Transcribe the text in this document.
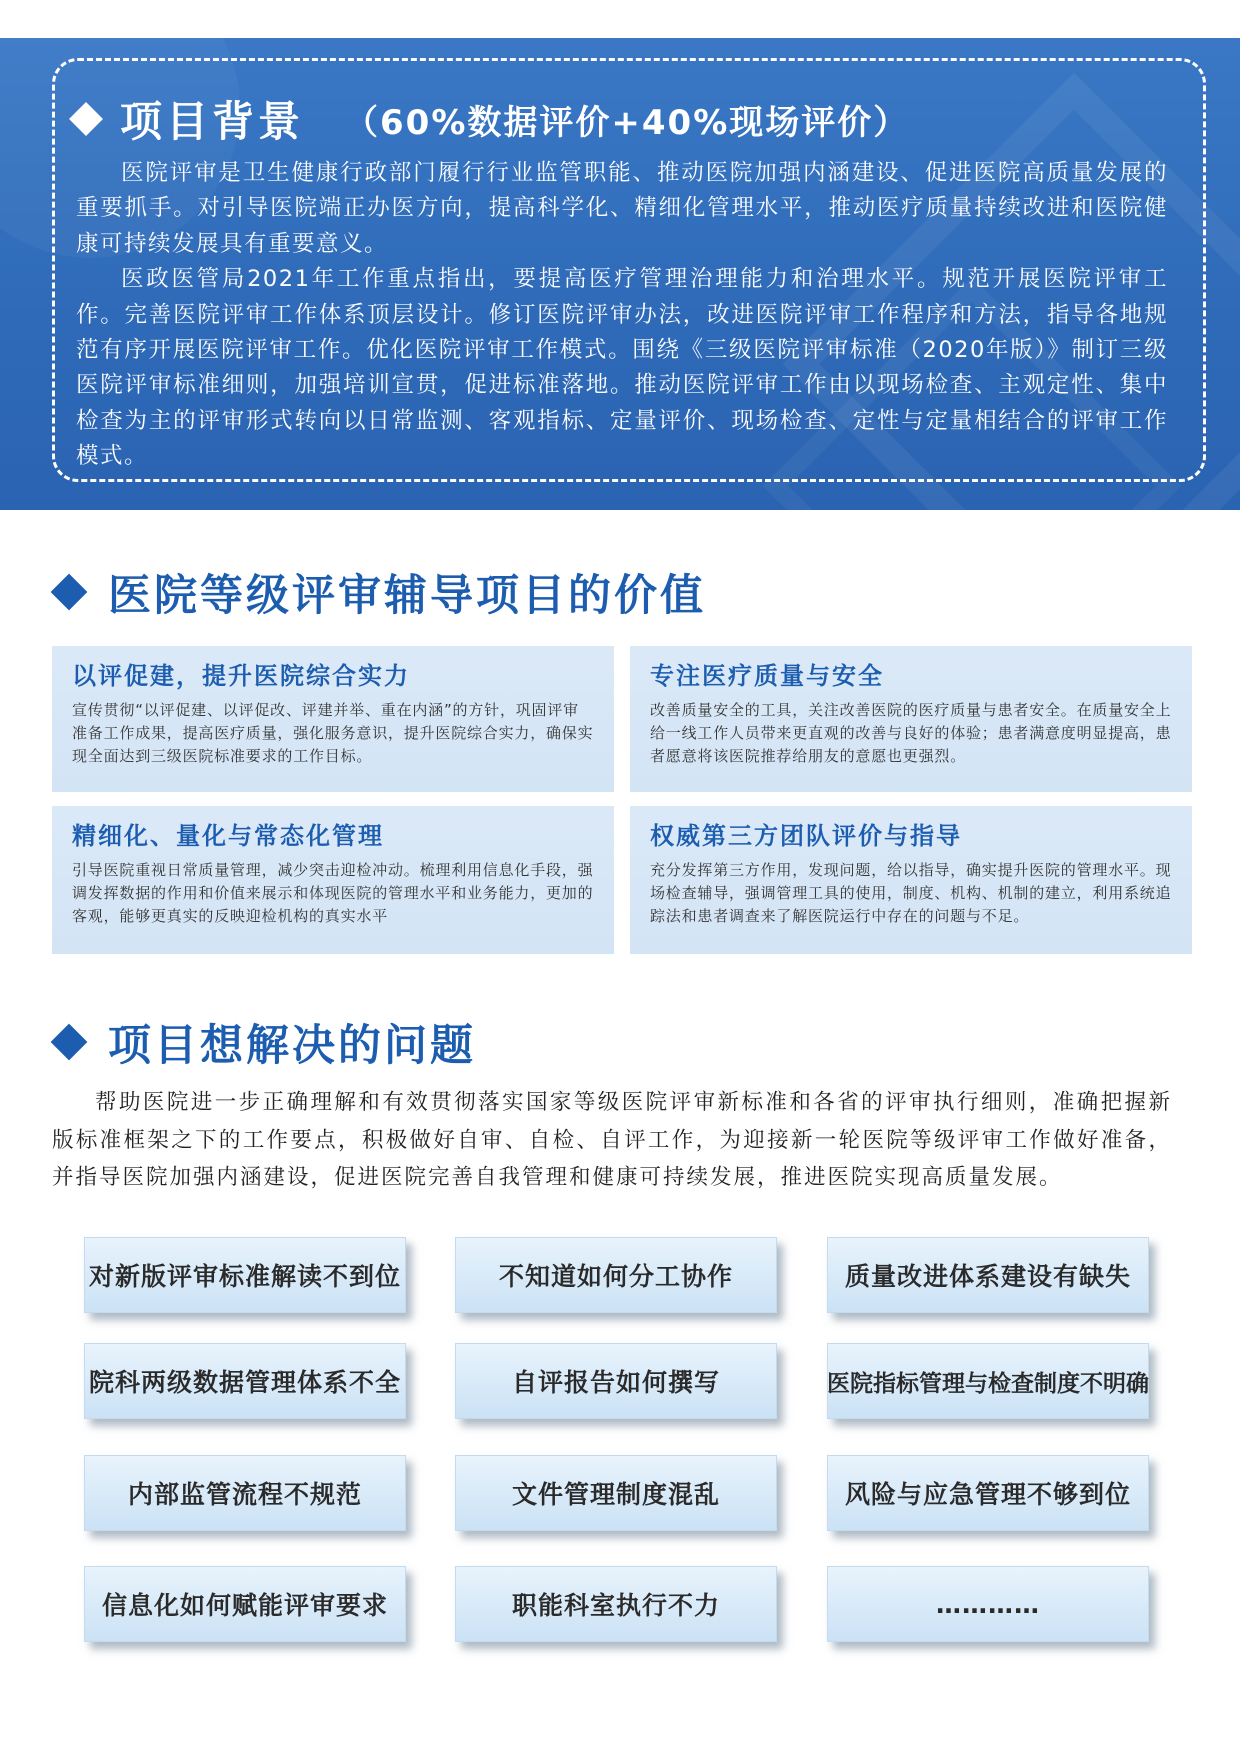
项目背景 （60%数据评价+40%现场评价）

医院评审是卫生健康行政部门履行行业监管职能、推动医院加强内涵建设、促进医院高质量发展的重要抓手。对引导医院端正办医方向，提高科学化、精细化管理水平，推动医疗质量持续改进和医院健康可持续发展具有重要意义。

医政医管局2021年工作重点指出，要提高医疗管理治理能力和治理水平。规范开展医院评审工作。完善医院评审工作体系顶层设计。修订医院评审办法，改进医院评审工作程序和方法，指导各地规范有序开展医院评审工作。优化医院评审工作模式。围绕《三级医院评审标准（2020年版）》制订三级医院评审标准细则，加强培训宣贯，促进标准落地。推动医院评审工作由以现场检查、主观定性、集中检查为主的评审形式转向以日常监测、客观指标、定量评价、现场检查、定性与定量相结合的评审工作模式。

医院等级评审辅导项目的价值
以评促建，提升医院综合实力
宣传贯彻“以评促建、以评促改、评建并举、重在内涵”的方针，巩固评审准备工作成果，提高医疗质量，强化服务意识，提升医院综合实力，确保实现全面达到三级医院标准要求的工作目标。
专注医疗质量与安全
改善质量安全的工具，关注改善医院的医疗质量与患者安全。在质量安全上给一线工作人员带来更直观的改善与良好的体验；患者满意度明显提高，患者愿意将该医院推荐给朋友的意愿也更强烈。
精细化、量化与常态化管理
引导医院重视日常质量管理，减少突击迎检冲动。梳理利用信息化手段，强调发挥数据的作用和价值来展示和体现医院的管理水平和业务能力，更加的客观，能够更真实的反映迎检机构的真实水平
权威第三方团队评价与指导
充分发挥第三方作用，发现问题，给以指导，确实提升医院的管理水平。现场检查辅导，强调管理工具的使用，制度、机构、机制的建立，利用系统追踪法和患者调查来了解医院运行中存在的问题与不足。
项目想解决的问题

帮助医院进一步正确理解和有效贯彻落实国家等级医院评审新标准和各省的评审执行细则，准确把握新版标准框架之下的工作要点，积极做好自审、自检、自评工作，为迎接新一轮医院等级评审工作做好准备，并指导医院加强内涵建设，促进医院完善自我管理和健康可持续发展，推进医院实现高质量发展。

对新版评审标准解读不到位	不知道如何分工协作	质量改进体系建设有缺失
院科两级数据管理体系不全	自评报告如何撰写	医院指标管理与检查制度不明确
内部监管流程不规范	文件管理制度混乱	风险与应急管理不够到位
信息化如何赋能评审要求	职能科室执行不力	…………
